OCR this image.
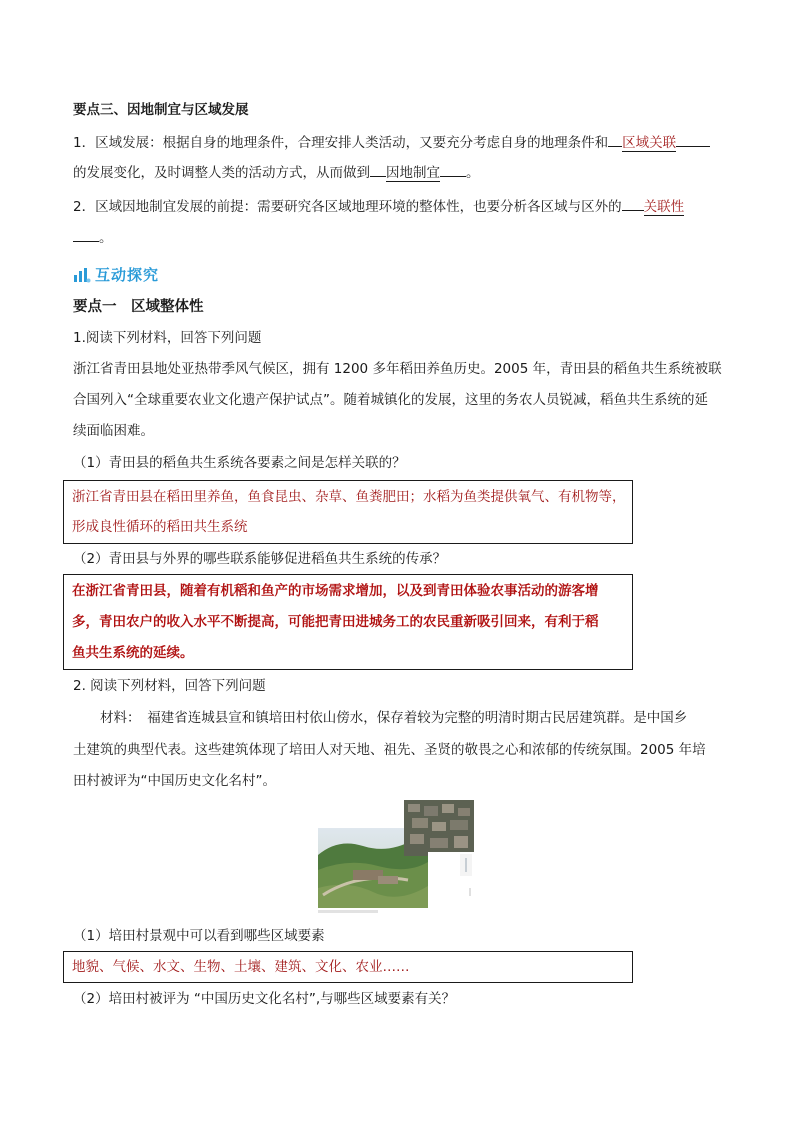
要点三、因地制宜与区域发展
1．区域发展：根据自身的地理条件，合理安排人类活动，又要充分考虑自身的地理条件和 区域关联
的发展变化，及时调整人类的活动方式，从而做到 因地制宜 。
2．区域因地制宜发展的前提：需要研究各区域地理环境的整体性，也要分析各区域与区外的 关联性
。
互动探究
要点一　区域整体性
1.阅读下列材料，回答下列问题
浙江省青田县地处亚热带季风气候区，拥有 1200 多年稻田养鱼历史。2005 年，青田县的稻鱼共生系统被联
合国列入“全球重要农业文化遗产保护试点”。随着城镇化的发展，这里的务农人员锐减，稻鱼共生系统的延
续面临困难。
（1）青田县的稻鱼共生系统各要素之间是怎样关联的？
浙江省青田县在稻田里养鱼，鱼食昆虫、杂草、鱼粪肥田；水稻为鱼类提供氧气、有机物等，
形成良性循环的稻田共生系统
（2）青田县与外界的哪些联系能够促进稻鱼共生系统的传承？
在浙江省青田县，随着有机稻和鱼产的市场需求增加，以及到青田体验农事活动的游客增
多，青田农户的收入水平不断提高，可能把青田进城务工的农民重新吸引回来，有利于稻
鱼共生系统的延续。
2. 阅读下列材料，回答下列问题
　　材料：　福建省连城县宣和镇培田村依山傍水，保存着较为完整的明清时期古民居建筑群。是中国乡
土建筑的典型代表。这些建筑体现了培田人对天地、祖先、圣贤的敬畏之心和浓郁的传统氛围。2005 年培
田村被评为“中国历史文化名村”。
（1）培田村景观中可以看到哪些区域要素
地貌、气候、水文、生物、土壤、建筑、文化、农业……
（2）培田村被评为 “中国历史文化名村”,与哪些区域要素有关？
